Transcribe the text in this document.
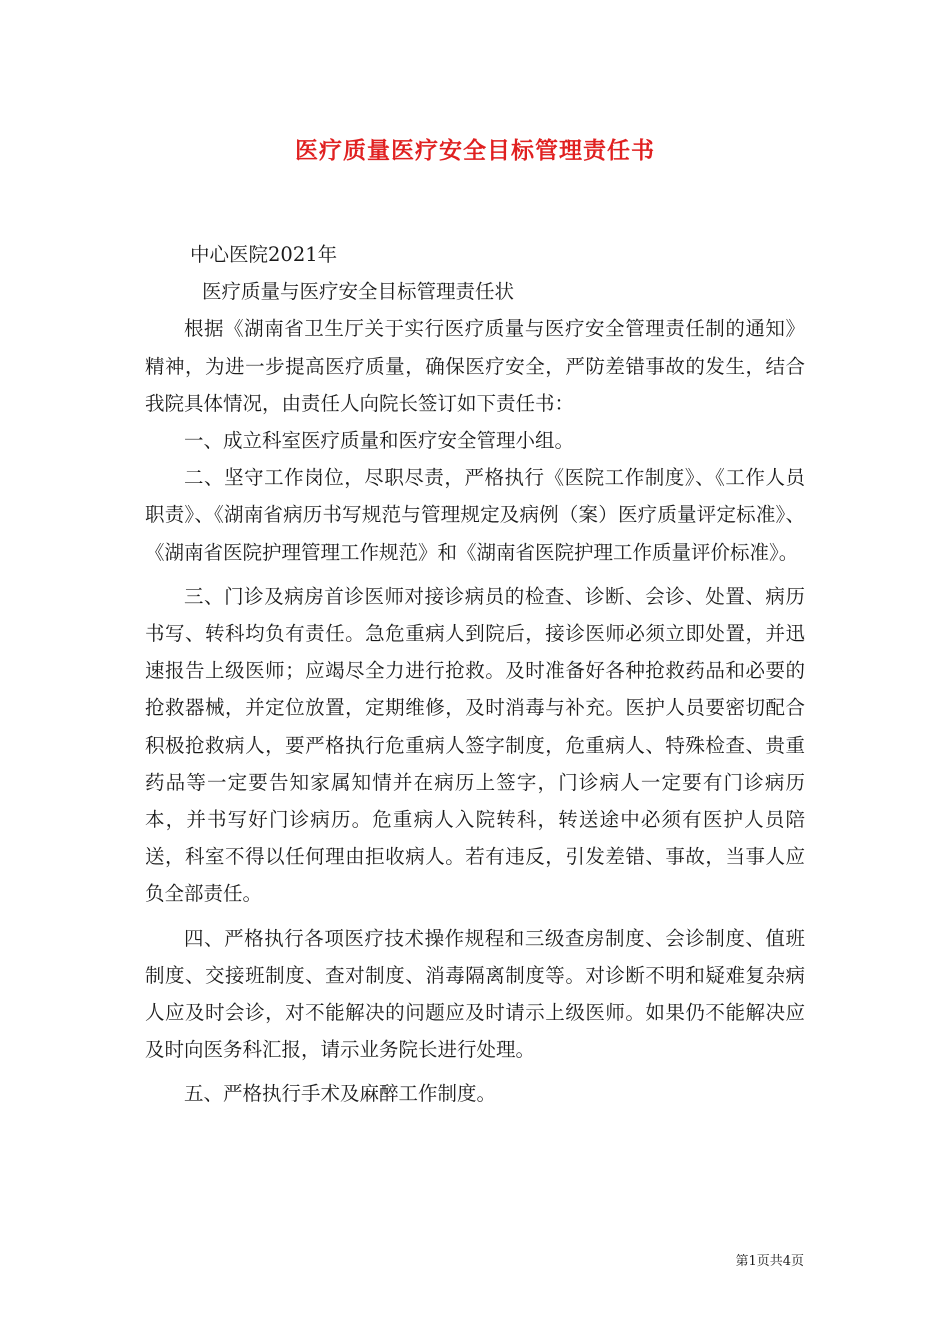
医疗质量医疗安全目标管理责任书

中心医院2021年

医疗质量与医疗安全目标管理责任状

根据《湖南省卫生厅关于实行医疗质量与医疗安全管理责任制的通知》精神，为进一步提高医疗质量，确保医疗安全，严防差错事故的发生，结合我院具体情况，由责任人向院长签订如下责任书：

一、成立科室医疗质量和医疗安全管理小组。

二、坚守工作岗位，尽职尽责，严格执行《医院工作制度》、《工作人员职责》、《湖南省病历书写规范与管理规定及病例（案）医疗质量评定标准》、《湖南省医院护理管理工作规范》和《湖南省医院护理工作质量评价标准》。

三、门诊及病房首诊医师对接诊病员的检查、诊断、会诊、处置、病历书写、转科均负有责任。急危重病人到院后，接诊医师必须立即处置，并迅速报告上级医师；应竭尽全力进行抢救。及时准备好各种抢救药品和必要的抢救器械，并定位放置，定期维修，及时消毒与补充。医护人员要密切配合积极抢救病人，要严格执行危重病人签字制度，危重病人、特殊检查、贵重药品等一定要告知家属知情并在病历上签字，门诊病人一定要有门诊病历本，并书写好门诊病历。危重病人入院转科，转送途中必须有医护人员陪送，科室不得以任何理由拒收病人。若有违反，引发差错、事故，当事人应负全部责任。

四、严格执行各项医疗技术操作规程和三级查房制度、会诊制度、值班制度、交接班制度、查对制度、消毒隔离制度等。对诊断不明和疑难复杂病人应及时会诊，对不能解决的问题应及时请示上级医师。如果仍不能解决应及时向医务科汇报，请示业务院长进行处理。

五、严格执行手术及麻醉工作制度。

第1页共4页
